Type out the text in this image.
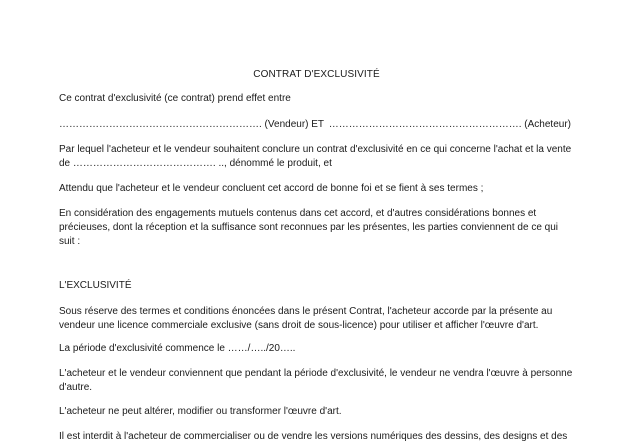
CONTRAT D'EXCLUSIVITÉ
Ce contrat d'exclusivité (ce contrat) prend effet entre
……………………………………………………. (Vendeur) ET …………………………………………………. (Acheteur)
Par lequel l'acheteur et le vendeur souhaitent conclure un contrat d'exclusivité en ce qui concerne l'achat et la vente
de ……………………………………. .., dénommé le produit, et
Attendu que l'acheteur et le vendeur concluent cet accord de bonne foi et se fient à ses termes ;
En considération des engagements mutuels contenus dans cet accord, et d'autres considérations bonnes et
précieuses, dont la réception et la suffisance sont reconnues par les présentes, les parties conviennent de ce qui
suit :
L'EXCLUSIVITÉ
Sous réserve des termes et conditions énoncées dans le présent Contrat, l'acheteur accorde par la présente au
vendeur une licence commerciale exclusive (sans droit de sous-licence) pour utiliser et afficher l'œuvre d'art.
La période d'exclusivité commence le ……/…../20…..
L'acheteur et le vendeur conviennent que pendant la période d'exclusivité, le vendeur ne vendra l'œuvre à personne
d'autre.
L'acheteur ne peut altérer, modifier ou transformer l'œuvre d'art.
Il est interdit à l'acheteur de commercialiser ou de vendre les versions numériques des dessins, des designs et des
